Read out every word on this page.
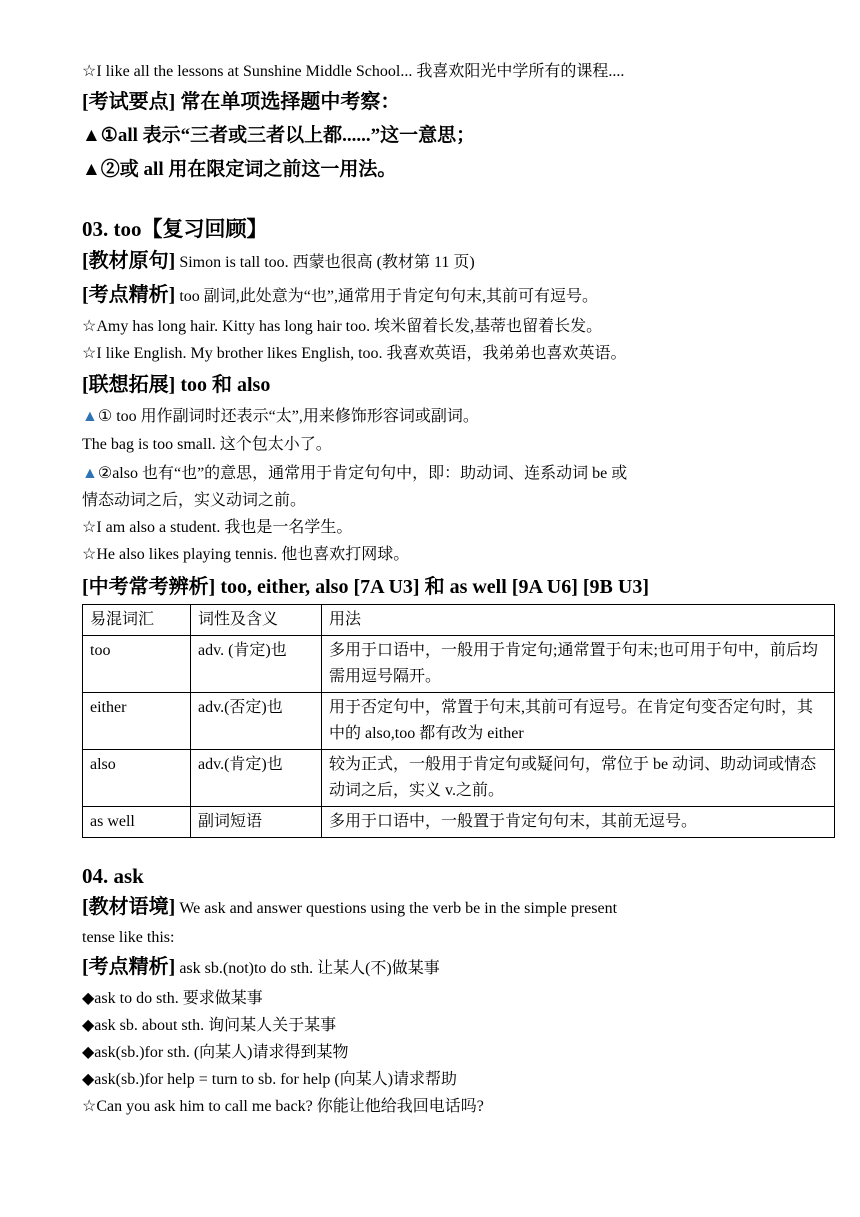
☆I like all the lessons at Sunshine Middle School... 我喜欢阳光中学所有的课程....
[考试要点] 常在单项选择题中考察：
▲①all 表示“三者或三者以上都......”这一意思；
▲②或 all 用在限定词之前这一用法。
03. too【复习回顾】
[教材原句] Simon is tall too. 西蒙也很高 (教材第 11 页)
[考点精析] too 副词,此处意为“也”,通常用于肯定句句末,其前可有逗号。
☆Amy has long hair. Kitty has long hair too. 埃米留着长发,基蒂也留着长发。
☆I like English. My brother likes English, too. 我喜欢英语，我弟弟也喜欢英语。
[联想拓展] too 和 also
▲① too 用作副词时还表示“太”,用来修饰形容词或副词。
The bag is too small. 这个包太小了。
▲②also 也有“也”的意思，通常用于肯定句句中，即：助动词、连系动词 be 或
情态动词之后，实义动词之前。
☆I am also a student. 我也是一名学生。
☆He also likes playing tennis. 他也喜欢打网球。
[中考常考辨析] too, either, also [7A U3] 和 as well [9A U6] [9B U3]
易混词汇	词性及含义	用法
too	adv. (肯定)也	多用于口语中，一般用于肯定句;通常置于句末;也可用于句中，前后均需用逗号隔开。
either	adv.(否定)也	用于否定句中，常置于句末,其前可有逗号。在肯定句变否定句时，其中的 also,too 都有改为 either
also	adv.(肯定)也	较为正式，一般用于肯定句或疑问句，常位于 be 动词、助动词或情态动词之后，实义 v.之前。
as well	副词短语	多用于口语中，一般置于肯定句句末，其前无逗号。
04. ask
[教材语境] We ask and answer questions using the verb be in the simple present
tense like this:
[考点精析] ask sb.(not)to do sth. 让某人(不)做某事
◆ask to do sth. 要求做某事
◆ask sb. about sth. 询问某人关于某事
◆ask(sb.)for sth. (向某人)请求得到某物
◆ask(sb.)for help = turn to sb. for help (向某人)请求帮助
☆Can you ask him to call me back? 你能让他给我回电话吗?
